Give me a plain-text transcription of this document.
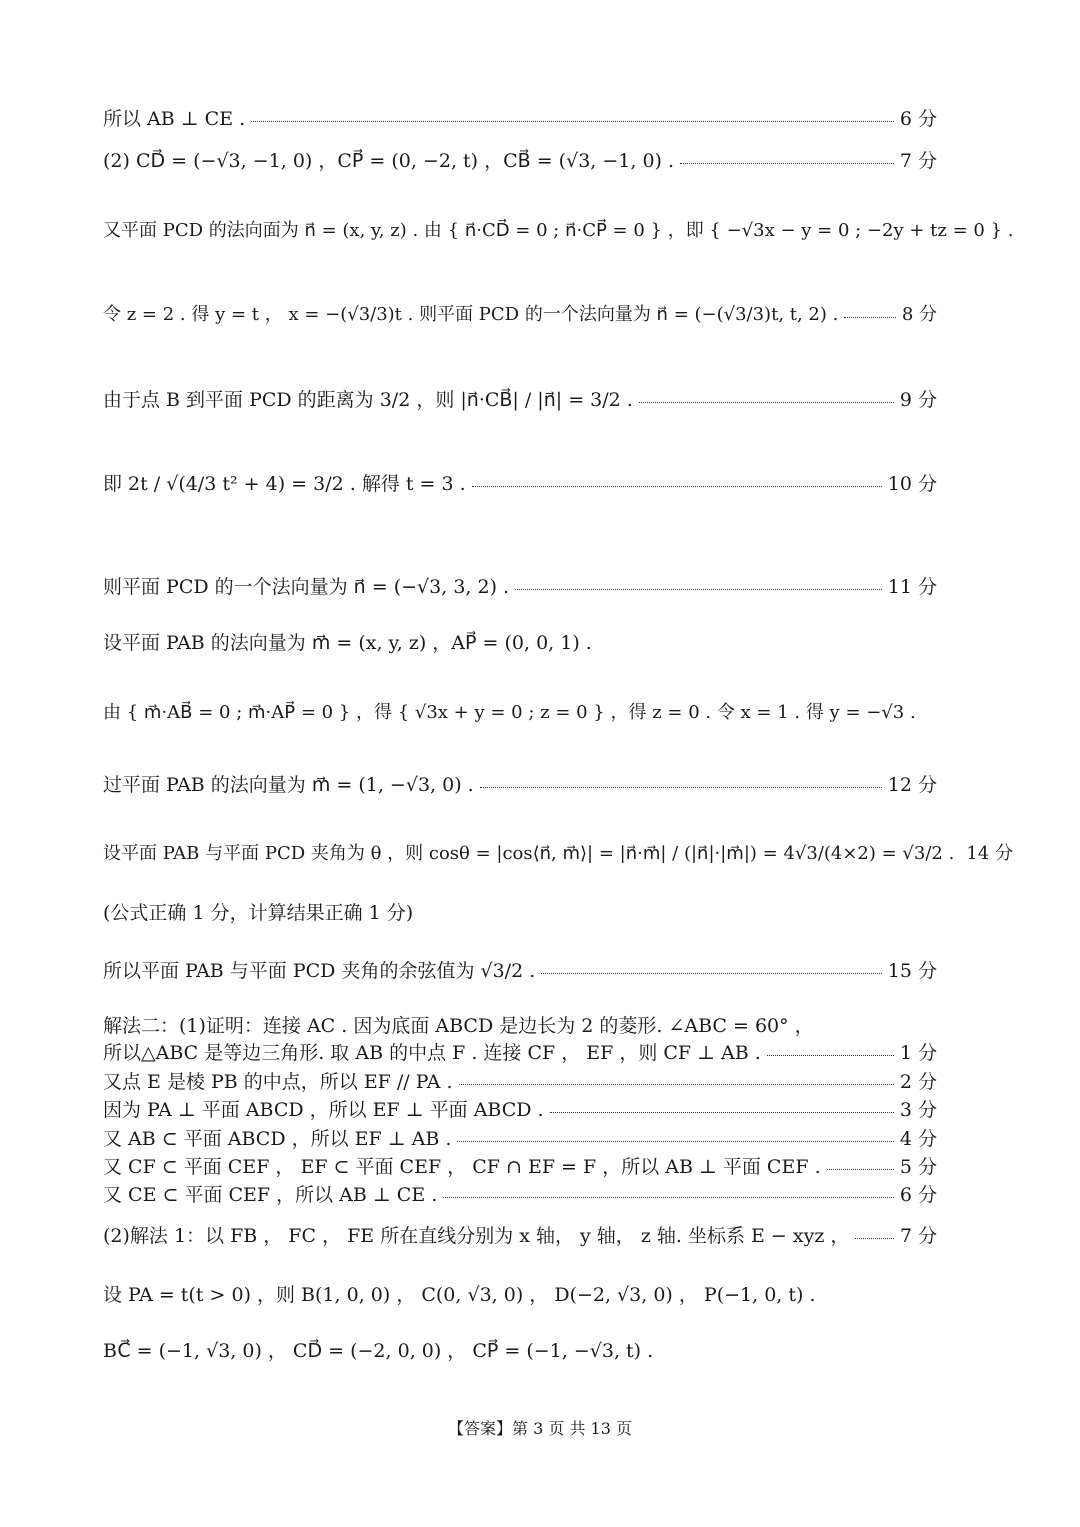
所以 AB ⊥ CE .	6 分
(2) CD⃗ = (−√3, −1, 0) ，CP⃗ = (0, −2, t) ，CB⃗ = (√3, −1, 0) .	7 分
又平面 PCD 的法向面为 n⃗ = (x, y, z) . 由 { n⃗·CD⃗ = 0 ; n⃗·CP⃗ = 0 } ，即 { −√3x − y = 0 ; −2y + tz = 0 } .
令 z = 2 . 得 y = t ， x = −(√3/3)t . 则平面 PCD 的一个法向量为 n⃗ = (−(√3/3)t, t, 2) .	8 分
由于点 B 到平面 PCD 的距离为 3/2 ，则 |n⃗·CB⃗| / |n⃗| = 3/2 .	9 分
即 2t / √(4/3 t² + 4) = 3/2 . 解得 t = 3 .	10 分
则平面 PCD 的一个法向量为 n⃗ = (−√3, 3, 2) .	11 分
设平面 PAB 的法向量为 m⃗ = (x, y, z) ，AP⃗ = (0, 0, 1) .
由 { m⃗·AB⃗ = 0 ; m⃗·AP⃗ = 0 } ，得 { √3x + y = 0 ; z = 0 } ，得 z = 0 . 令 x = 1 . 得 y = −√3 .
过平面 PAB 的法向量为 m⃗ = (1, −√3, 0) .	12 分
设平面 PAB 与平面 PCD 夹角为 θ ，则 cosθ = |cos⟨n⃗, m⃗⟩| = |n⃗·m⃗| / (|n⃗|·|m⃗|) = 4√3/(4×2) = √3/2 . 14 分
(公式正确 1 分，计算结果正确 1 分)
所以平面 PAB 与平面 PCD 夹角的余弦值为 √3/2 .	15 分
解法二：(1)证明：连接 AC . 因为底面 ABCD 是边长为 2 的菱形. ∠ABC = 60° ，
所以△ABC 是等边三角形. 取 AB 的中点 F . 连接 CF ， EF ，则 CF ⊥ AB .	1 分
又点 E 是棱 PB 的中点，所以 EF // PA .	2 分
因为 PA ⊥ 平面 ABCD ，所以 EF ⊥ 平面 ABCD .	3 分
又 AB ⊂ 平面 ABCD ，所以 EF ⊥ AB .	4 分
又 CF ⊂ 平面 CEF ， EF ⊂ 平面 CEF ， CF ∩ EF = F ，所以 AB ⊥ 平面 CEF .	5 分
又 CE ⊂ 平面 CEF ，所以 AB ⊥ CE .	6 分
(2)解法 1：以 FB ， FC ， FE 所在直线分别为 x 轴， y 轴， z 轴. 坐标系 E − xyz ，	7 分
设 PA = t(t > 0) ，则 B(1, 0, 0) ， C(0, √3, 0) ， D(−2, √3, 0) ， P(−1, 0, t) .
BC⃗ = (−1, √3, 0) ， CD⃗ = (−2, 0, 0) ， CP⃗ = (−1, −√3, t) .
【答案】第 3 页 共 13 页
